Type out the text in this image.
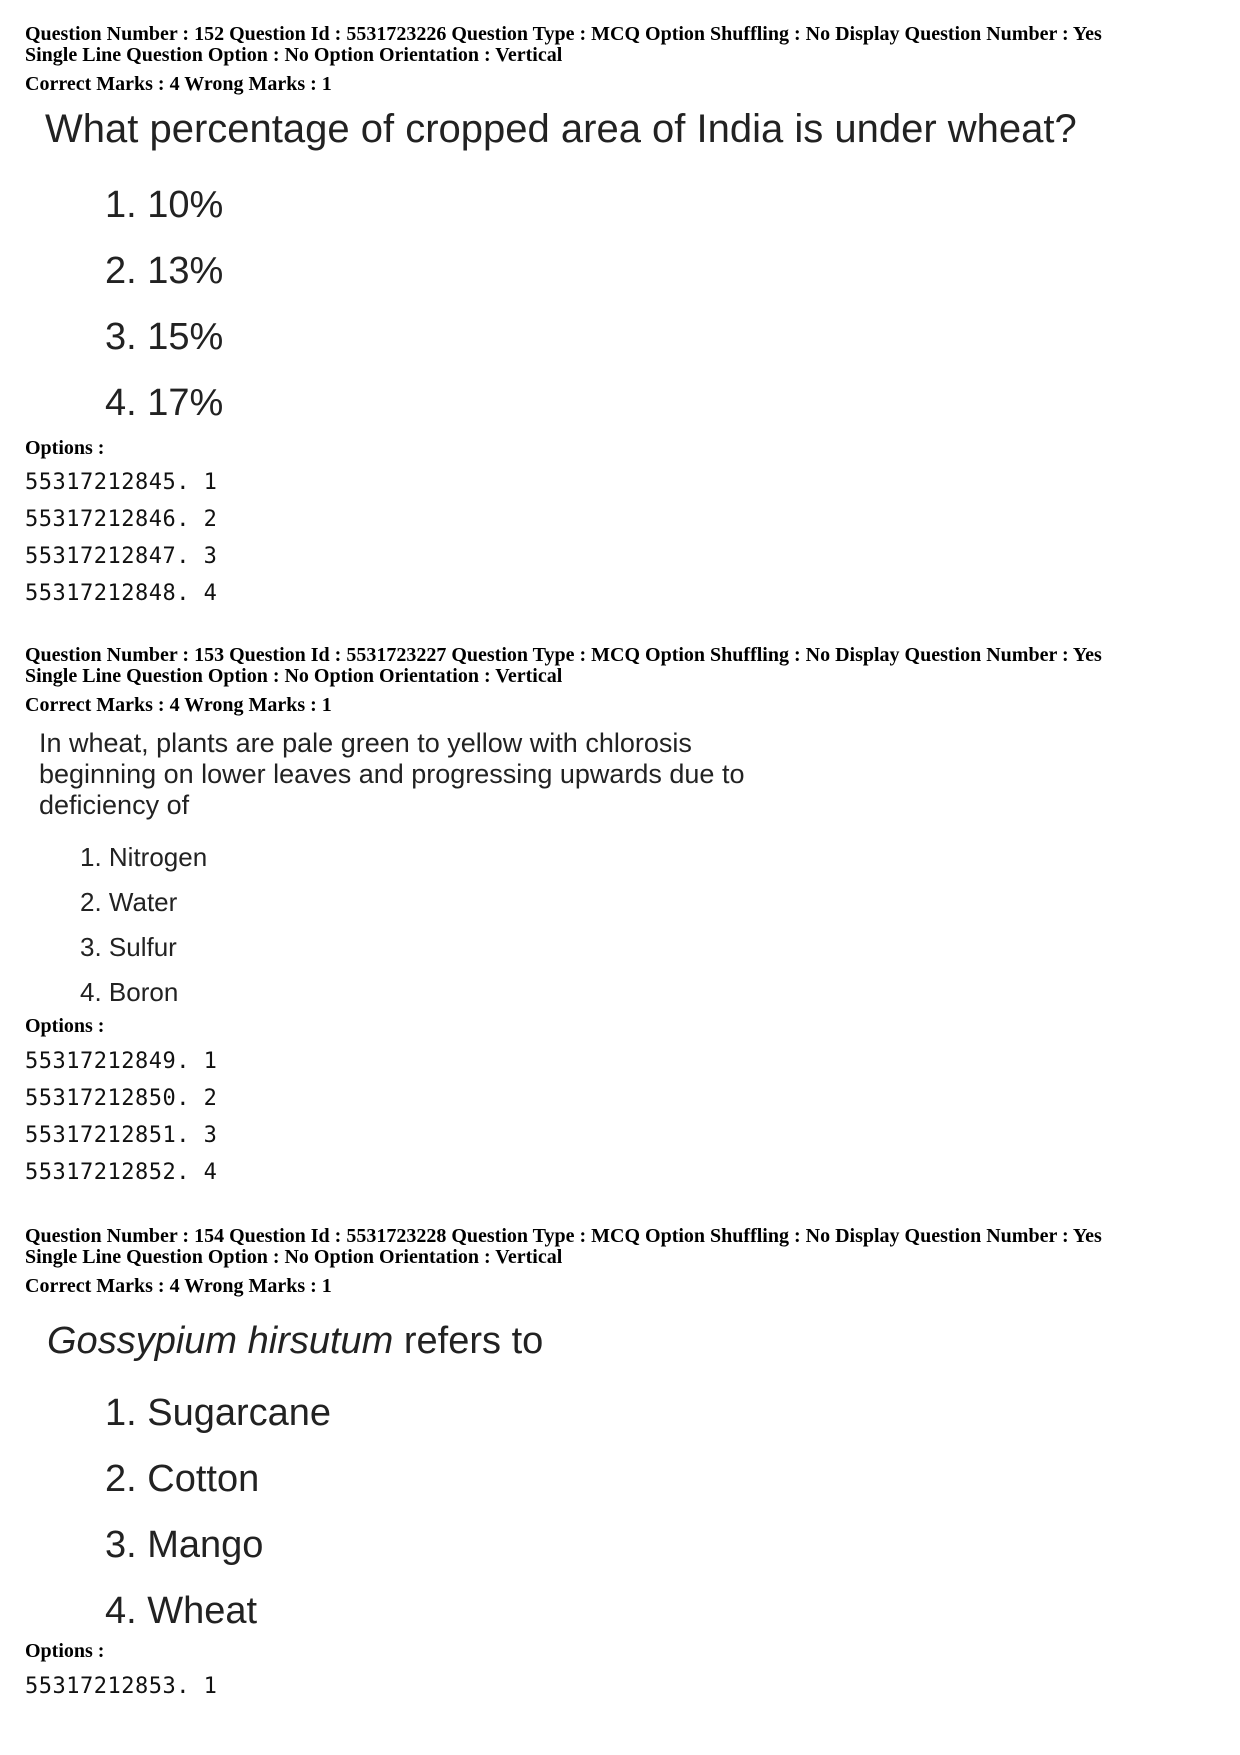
Question Number : 152 Question Id : 5531723226 Question Type : MCQ Option Shuffling : No Display Question Number : Yes

Single Line Question Option : No Option Orientation : Vertical

Correct Marks : 4 Wrong Marks : 1

What percentage of cropped area of India is under wheat?

1. 10%
2. 13%
3. 15%
4. 17%

Options :

55317212845. 1
55317212846. 2
55317212847. 3
55317212848. 4

Question Number : 153 Question Id : 5531723227 Question Type : MCQ Option Shuffling : No Display Question Number : Yes

Single Line Question Option : No Option Orientation : Vertical

Correct Marks : 4 Wrong Marks : 1

In wheat, plants are pale green to yellow with chlorosis beginning on lower leaves and progressing upwards due to deficiency of

1. Nitrogen
2. Water
3. Sulfur
4. Boron

Options :

55317212849. 1
55317212850. 2
55317212851. 3
55317212852. 4

Question Number : 154 Question Id : 5531723228 Question Type : MCQ Option Shuffling : No Display Question Number : Yes

Single Line Question Option : No Option Orientation : Vertical

Correct Marks : 4 Wrong Marks : 1

Gossypium hirsutum refers to

1. Sugarcane
2. Cotton
3. Mango
4. Wheat

Options :

55317212853. 1
